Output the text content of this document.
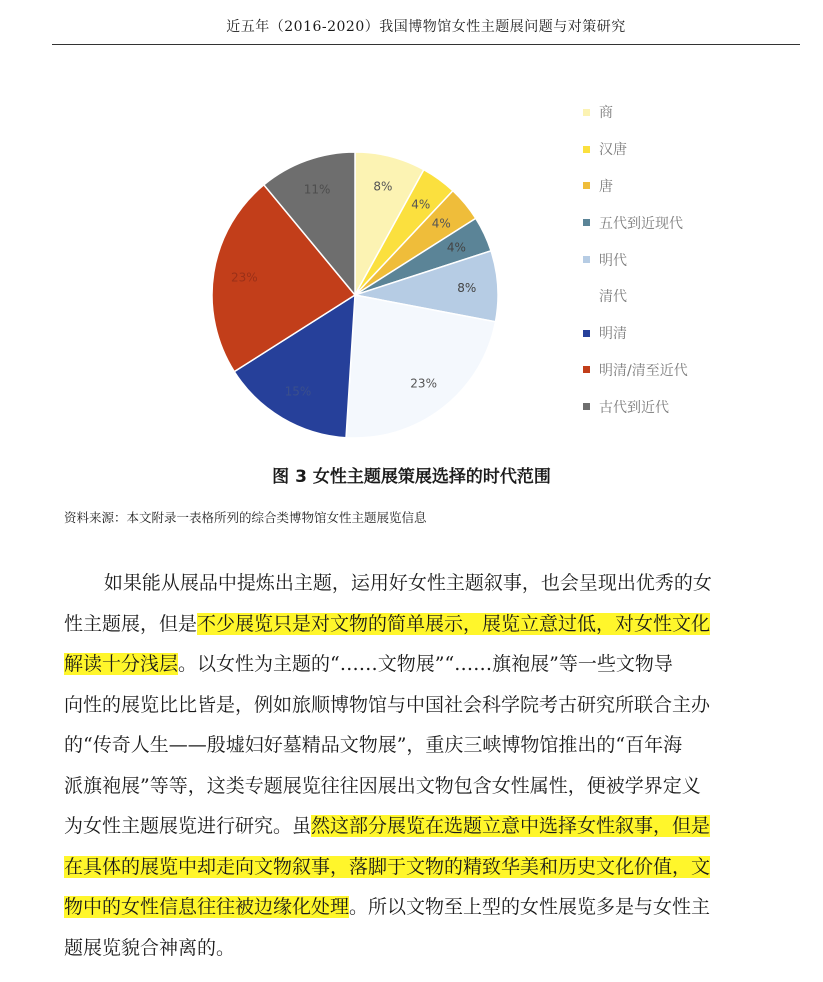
近五年（2016-2020）我国博物馆女性主题展问题与对策研究
8%
4%
4%
4%
8%
23%
15%
23%
11%
商
汉唐
唐
五代到近现代
明代
清代
明清
明清/清至近代
古代到近代
图 3 女性主题展策展选择的时代范围
资料来源：本文附录一表格所列的综合类博物馆女性主题展览信息
如果能从展品中提炼出主题，运用好女性主题叙事，也会呈现出优秀的女
性主题展，但是不少展览只是对文物的简单展示，展览立意过低，对女性文化
解读十分浅层。以女性为主题的“……文物展”“……旗袍展”等一些文物导
向性的展览比比皆是，例如旅顺博物馆与中国社会科学院考古研究所联合主办
的“传奇人生——殷墟妇好墓精品文物展”，重庆三峡博物馆推出的“百年海
派旗袍展”等等，这类专题展览往往因展出文物包含女性属性，便被学界定义
为女性主题展览进行研究。虽然这部分展览在选题立意中选择女性叙事，但是
在具体的展览中却走向文物叙事，落脚于文物的精致华美和历史文化价值，文
物中的女性信息往往被边缘化处理。所以文物至上型的女性展览多是与女性主
题展览貌合神离的。
